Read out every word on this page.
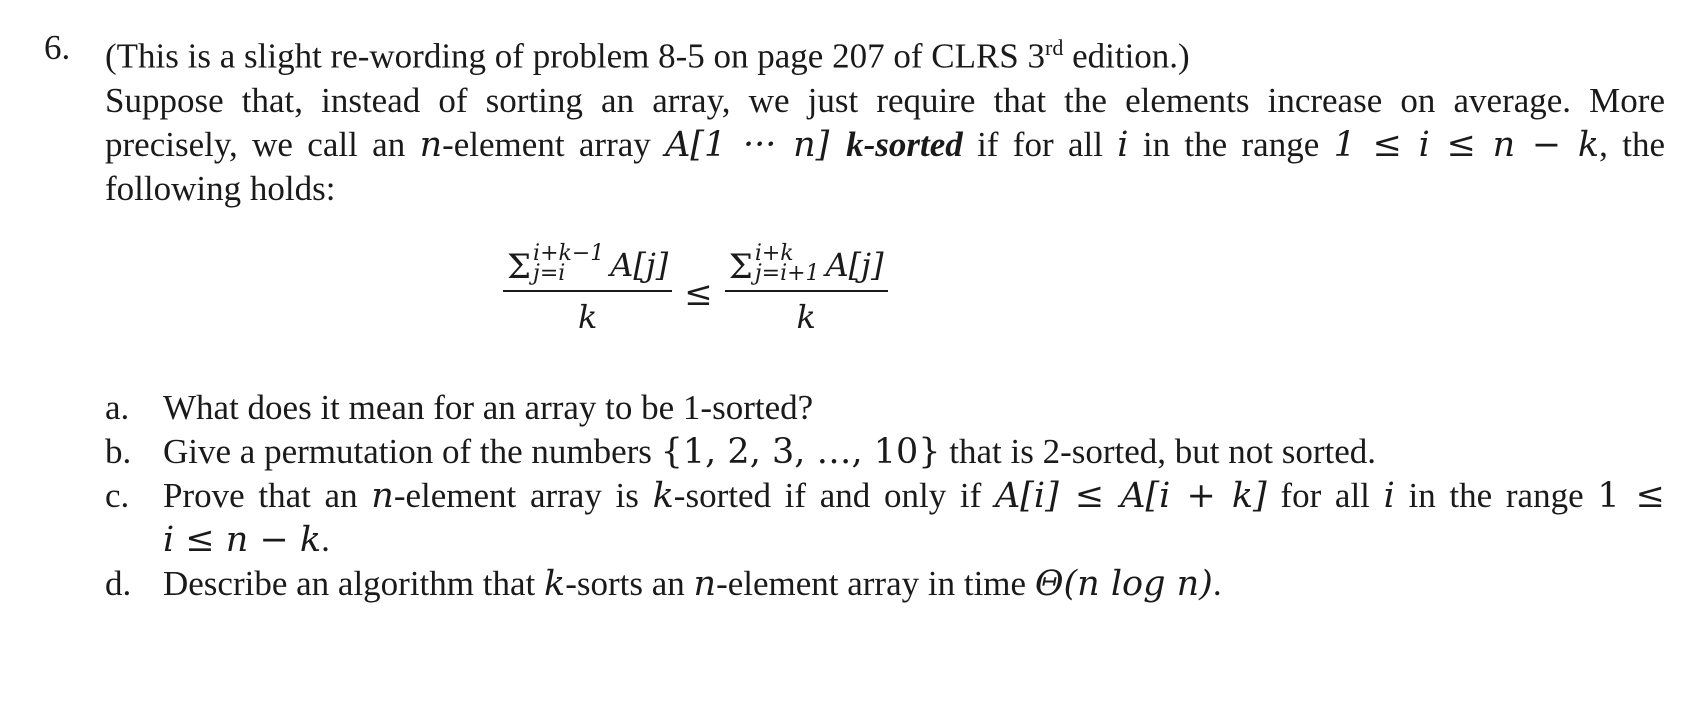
6. (This is a slight re-wording of problem 8-5 on page 207 of CLRS 3rd edition.)
Suppose that, instead of sorting an array, we just require that the elements increase on average. More
precisely, we call an n-element array A[1 ··· n] k-sorted if for all i in the range 1 ≤ i ≤ n − k, the
following holds:
Σ i+k−1
j=i	A[j]
k ≤ Σ i+k
j=i+1 A[j]
k
a. What does it mean for an array to be 1-sorted?
b. Give a permutation of the numbers {1, 2, 3, …, 10} that is 2-sorted, but not sorted.
c. Prove that an n-element array is k-sorted if and only if A[i] ≤ A[i + k] for all i in the range 1 ≤
i ≤ n − k.
d. Describe an algorithm that k-sorts an n-element array in time Θ(n log n).
